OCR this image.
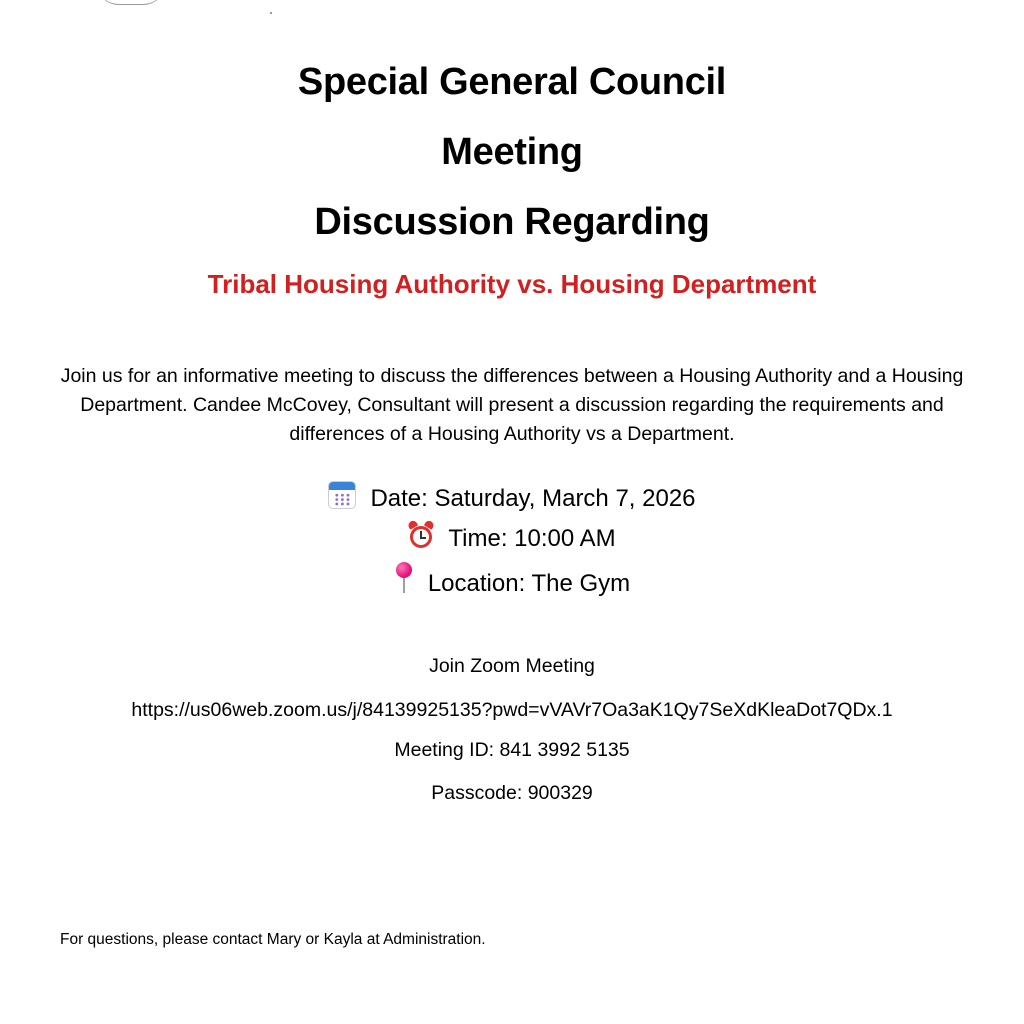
Special General Council
Meeting
Discussion Regarding
Tribal Housing Authority vs. Housing Department
Join us for an informative meeting to discuss the differences between a Housing Authority and a Housing Department. Candee McCovey, Consultant will present a discussion regarding the requirements and differences of a Housing Authority vs a Department.
Date: Saturday, March 7, 2026
Time: 10:00 AM
Location: The Gym
Join Zoom Meeting
https://us06web.zoom.us/j/84139925135?pwd=vVAVr7Oa3aK1Qy7SeXdKleaDot7QDx.1
Meeting ID: 841 3992 5135
Passcode: 900329
For questions, please contact Mary or Kayla at Administration.
